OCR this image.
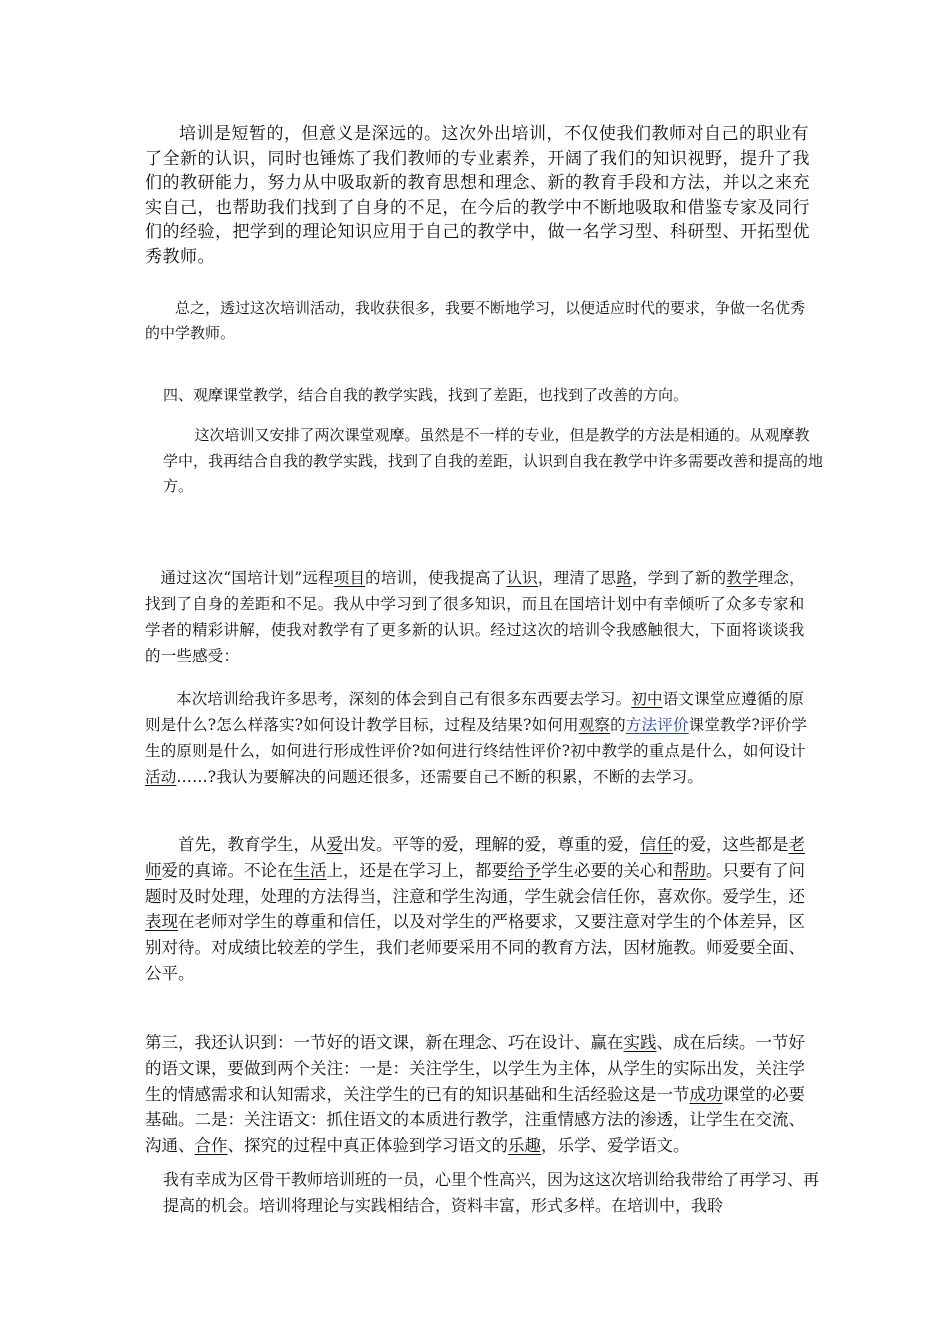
培训是短暂的，但意义是深远的。这次外出培训，不仅使我们教师对自己的职业有了全新的认识，同时也锤炼了我们教师的专业素养，开阔了我们的知识视野，提升了我们的教研能力，努力从中吸取新的教育思想和理念、新的教育手段和方法，并以之来充实自己，也帮助我们找到了自身的不足，在今后的教学中不断地吸取和借鉴专家及同行们的经验，把学到的理论知识应用于自己的教学中，做一名学习型、科研型、开拓型优秀教师。

总之，透过这次培训活动，我收获很多，我要不断地学习，以便适应时代的要求，争做一名优秀的中学教师。

四、观摩课堂教学，结合自我的教学实践，找到了差距，也找到了改善的方向。

这次培训又安排了两次课堂观摩。虽然是不一样的专业，但是教学的方法是相通的。从观摩教学中，我再结合自我的教学实践，找到了自我的差距，认识到自我在教学中许多需要改善和提高的地方。

通过这次“国培计划”远程项目的培训，使我提高了认识，理清了思路，学到了新的教学理念，找到了自身的差距和不足。我从中学习到了很多知识，而且在国培计划中有幸倾听了众多专家和学者的精彩讲解，使我对教学有了更多新的认识。经过这次的培训令我感触很大，下面将谈谈我的一些感受：

本次培训给我许多思考，深刻的体会到自己有很多东西要去学习。初中语文课堂应遵循的原则是什么?怎么样落实?如何设计教学目标，过程及结果?如何用观察的方法评价课堂教学?评价学生的原则是什么，如何进行形成性评价?如何进行终结性评价?初中教学的重点是什么，如何设计活动……?我认为要解决的问题还很多，还需要自己不断的积累，不断的去学习。

首先，教育学生，从爱出发。平等的爱，理解的爱，尊重的爱，信任的爱，这些都是老师爱的真谛。不论在生活上，还是在学习上，都要给予学生必要的关心和帮助。只要有了问题时及时处理，处理的方法得当，注意和学生沟通，学生就会信任你，喜欢你。爱学生，还表现在老师对学生的尊重和信任，以及对学生的严格要求，又要注意对学生的个体差异，区别对待。对成绩比较差的学生，我们老师要采用不同的教育方法，因材施教。师爱要全面、公平。

第三，我还认识到：一节好的语文课，新在理念、巧在设计、赢在实践、成在后续。一节好的语文课，要做到两个关注：一是：关注学生，以学生为主体，从学生的实际出发，关注学生的情感需求和认知需求，关注学生的已有的知识基础和生活经验这是一节成功课堂的必要基础。二是：关注语文：抓住语文的本质进行教学，注重情感方法的渗透，让学生在交流、沟通、合作、探究的过程中真正体验到学习语文的乐趣，乐学、爱学语文。

我有幸成为区骨干教师培训班的一员，心里个性高兴，因为这这次培训给我带给了再学习、再提高的机会。培训将理论与实践相结合，资料丰富，形式多样。在培训中，我聆
